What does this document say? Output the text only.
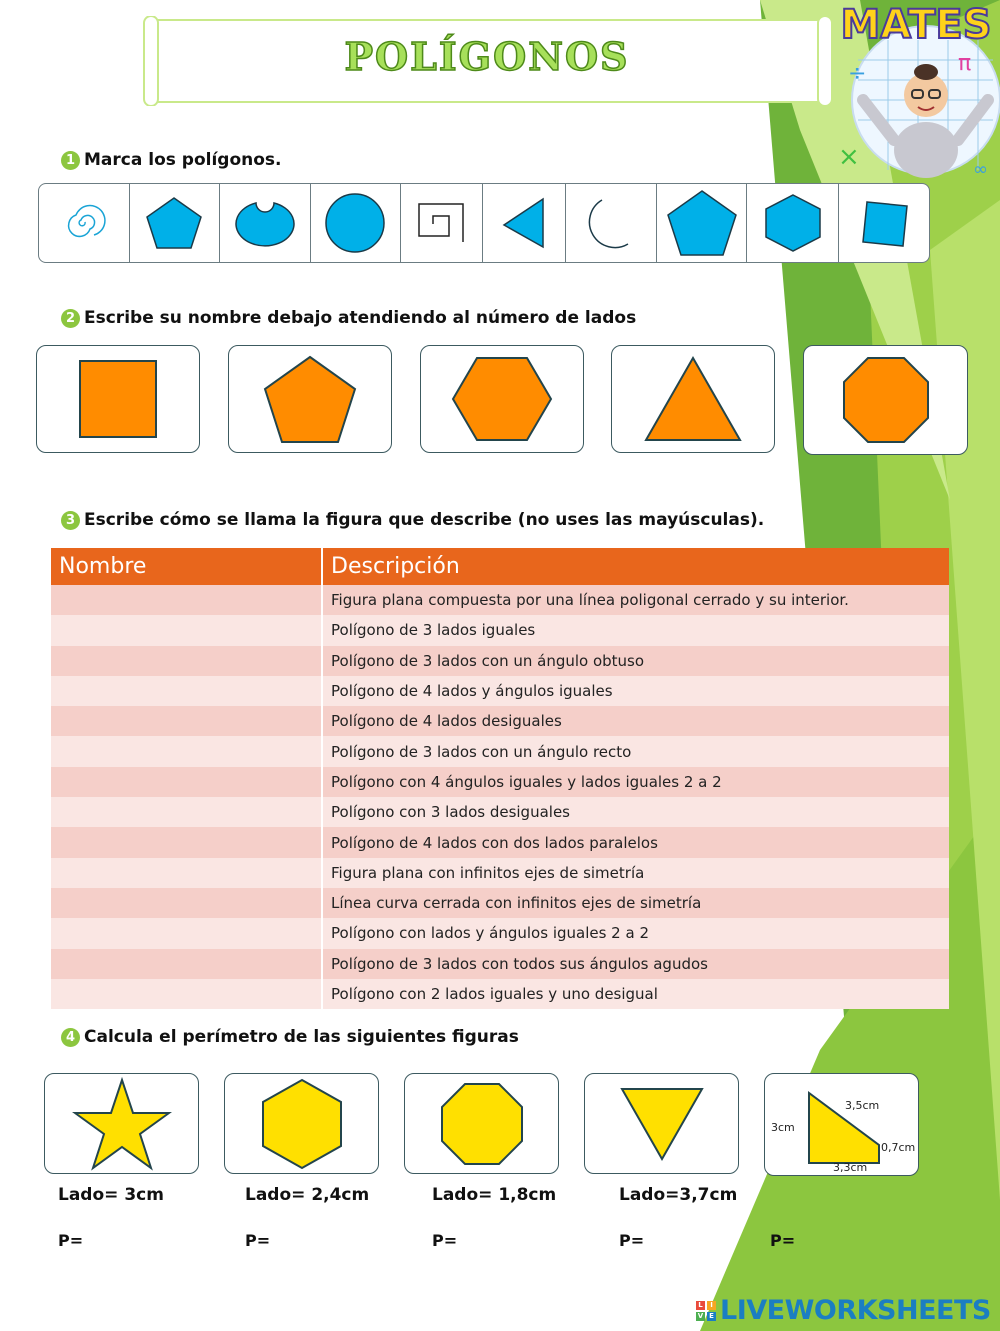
POLÍGONOS	÷	π
×	∞
MATES
1 Marca los polígonos.
2 Escribe su nombre debajo atendiendo al número de lados
3 Escribe cómo se llama la figura que describe (no uses las mayúsculas).
Nombre	Descripción
	Figura plana compuesta por una línea poligonal cerrado y su interior.
	Polígono de 3 lados iguales
	Polígono de 3 lados con un ángulo obtuso
	Polígono de 4 lados y ángulos iguales
	Polígono de 4 lados desiguales
	Polígono de 3 lados con un ángulo recto
	Polígono con 4 ángulos iguales y lados iguales 2 a 2
	Polígono con 3 lados desiguales
	Polígono de 4 lados con dos lados paralelos
	Figura plana con infinitos ejes de simetría
	Línea curva cerrada con infinitos ejes de simetría
	Polígono con lados y ángulos iguales 2 a 2
	Polígono de 3 lados con todos sus ángulos agudos
	Polígono con 2 lados iguales y uno desigual
4 Calcula el perímetro de las siguientes figuras
3,5cm
3cm
0,7cm
3,3cm
Lado= 3cm	Lado= 2,4cm	Lado= 1,8cm	Lado=3,7cm
P=	P=	P=	P=	P=
L	I
V E LIVEWORKSHEETS
